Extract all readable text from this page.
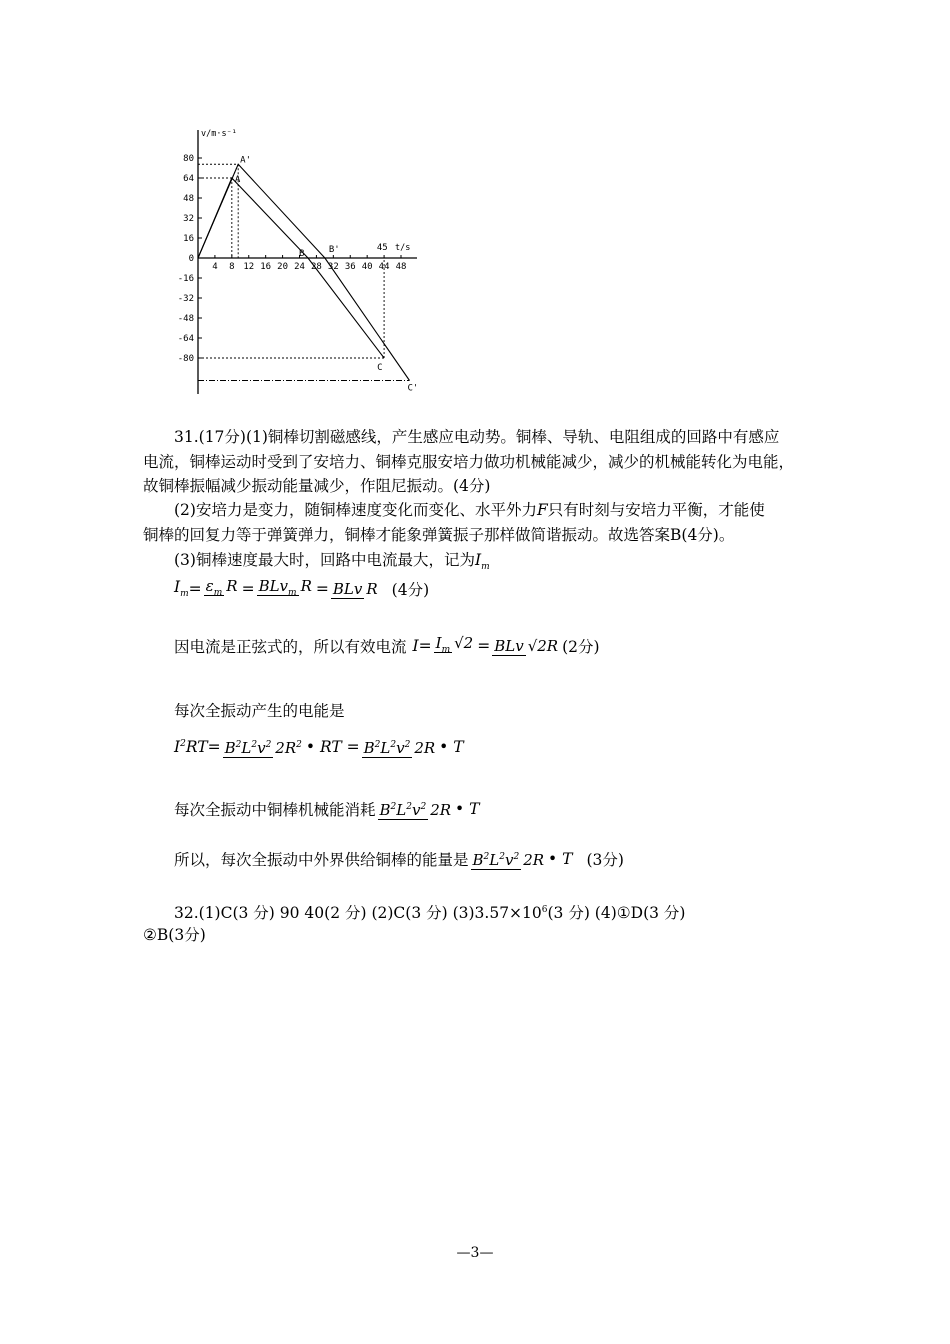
v/m·s⁻¹
t/s
80
64
48
32
16
0
-16
-32
-48
-64
-80
4 8 12 16 20 24 28 32 36 40 44 48
45
A'
A
B	B'
C
C'
31.(17分)(1)铜棒切割磁感线，产生感应电动势。铜棒、导轨、电阻组成的回路中有感应
电流，铜棒运动时受到了安培力、铜棒克服安培力做功机械能减少，减少的机械能转化为电能，
故铜棒振幅减少振动能量减少，作阻尼振动。(4分)
(2)安培力是变力，随铜棒速度变化而变化、水平外力F只有时刻与安培力平衡，才能使
铜棒的回复力等于弹簧弹力，铜棒才能象弹簧振子那样做简谐振动。故选答案B(4分)。
(3)铜棒速度最大时，回路中电流最大，记为$I_m$
$I_m = \varepsilon_m$ R = BLv$_m$ R = BLv R (4分)
因电流是正弦式的，所以有效电流 $I = I_m$ √2 = BLv √2R (2分)
每次全振动产生的电能是
$I^2RT = B^2L^2v^2$ $2R^2$ • RT = $B^2L^2v^2$ 2R • T
每次全振动中铜棒机械能消耗 $B^2L^2v^2$ 2R • T
所以，每次全振动中外界供给铜棒的能量是 $B^2L^2v^2$ 2R • T (3分)
32.(1)C(3 分) 90 40(2 分) (2)C(3 分) $(3)3.57\times 10^6(3$ 分) (4)①D(3 分)
②B(3分)
—3—
